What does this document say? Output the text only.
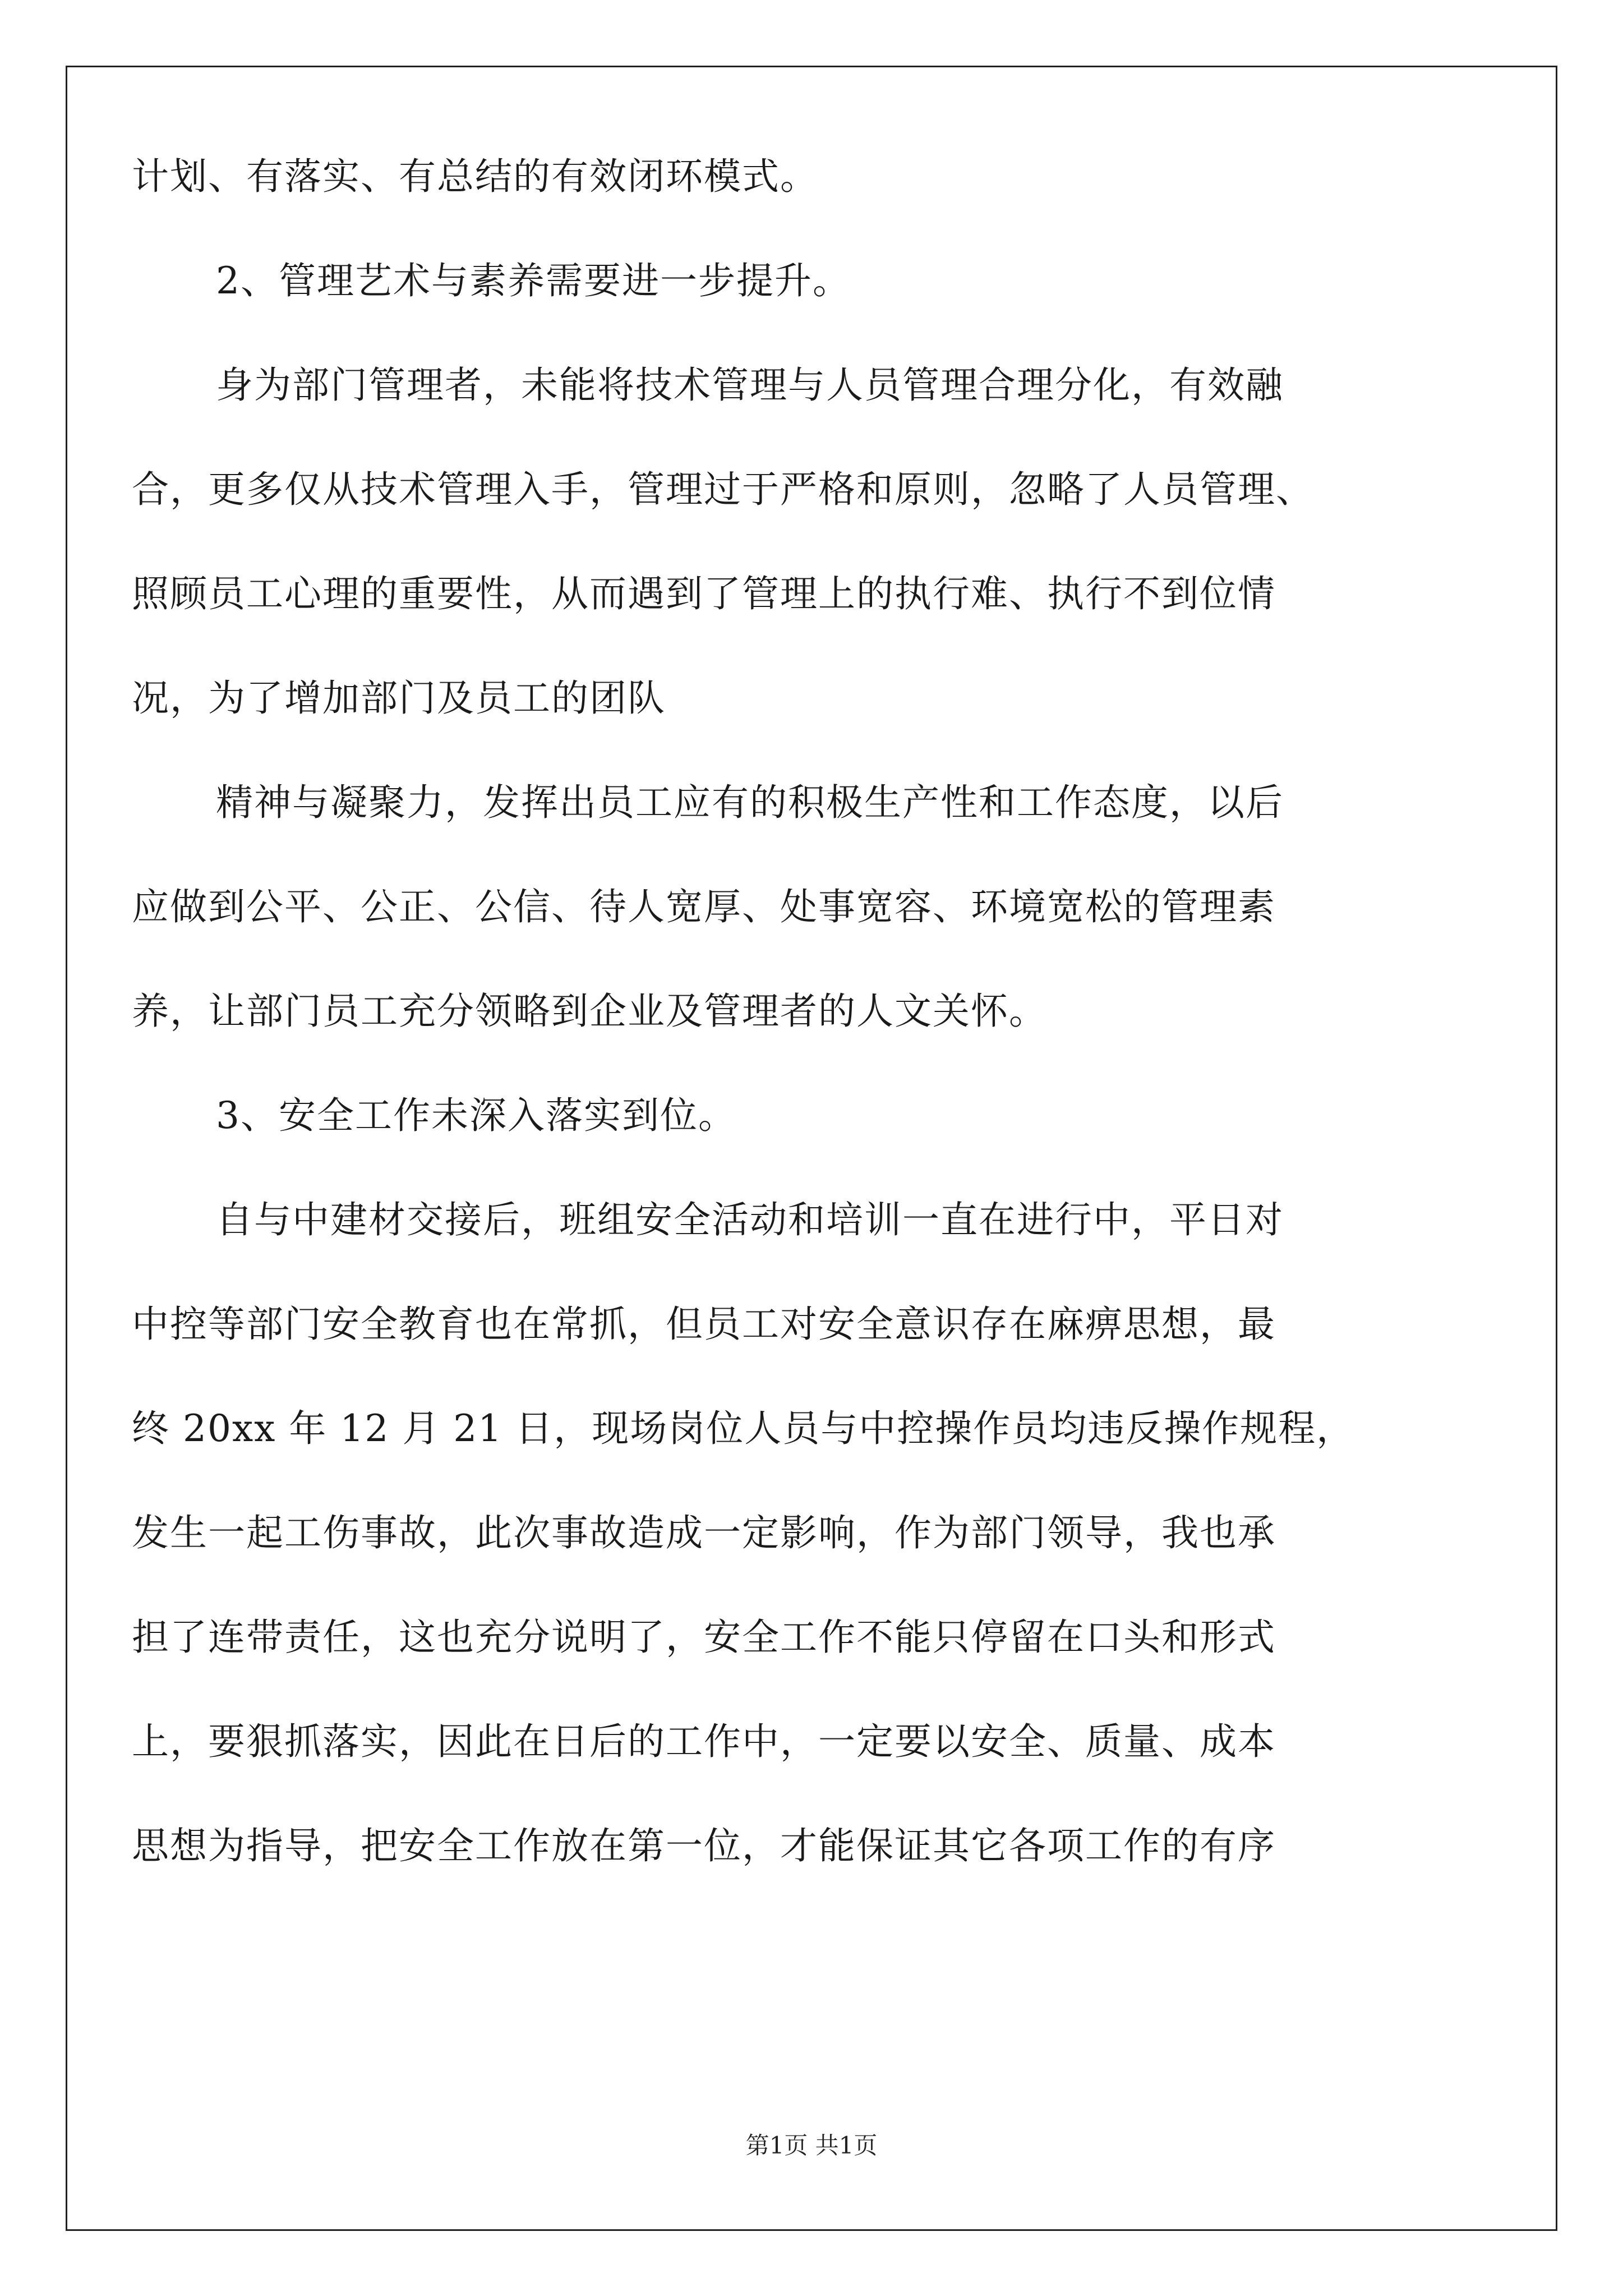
计划、有落实、有总结的有效闭环模式。
2、管理艺术与素养需要进一步提升。
身为部门管理者，未能将技术管理与人员管理合理分化，有效融
合，更多仅从技术管理入手，管理过于严格和原则，忽略了人员管理、
照顾员工心理的重要性，从而遇到了管理上的执行难、执行不到位情
况，为了增加部门及员工的团队
精神与凝聚力，发挥出员工应有的积极生产性和工作态度，以后
应做到公平、公正、公信、待人宽厚、处事宽容、环境宽松的管理素
养，让部门员工充分领略到企业及管理者的人文关怀。
3、安全工作未深入落实到位。
自与中建材交接后，班组安全活动和培训一直在进行中，平日对
中控等部门安全教育也在常抓，但员工对安全意识存在麻痹思想，最
终 20xx 年 12 月 21 日，现场岗位人员与中控操作员均违反操作规程，
发生一起工伤事故，此次事故造成一定影响，作为部门领导，我也承
担了连带责任，这也充分说明了，安全工作不能只停留在口头和形式
上，要狠抓落实，因此在日后的工作中，一定要以安全、质量、成本
思想为指导，把安全工作放在第一位，才能保证其它各项工作的有序
第1页 共1页
